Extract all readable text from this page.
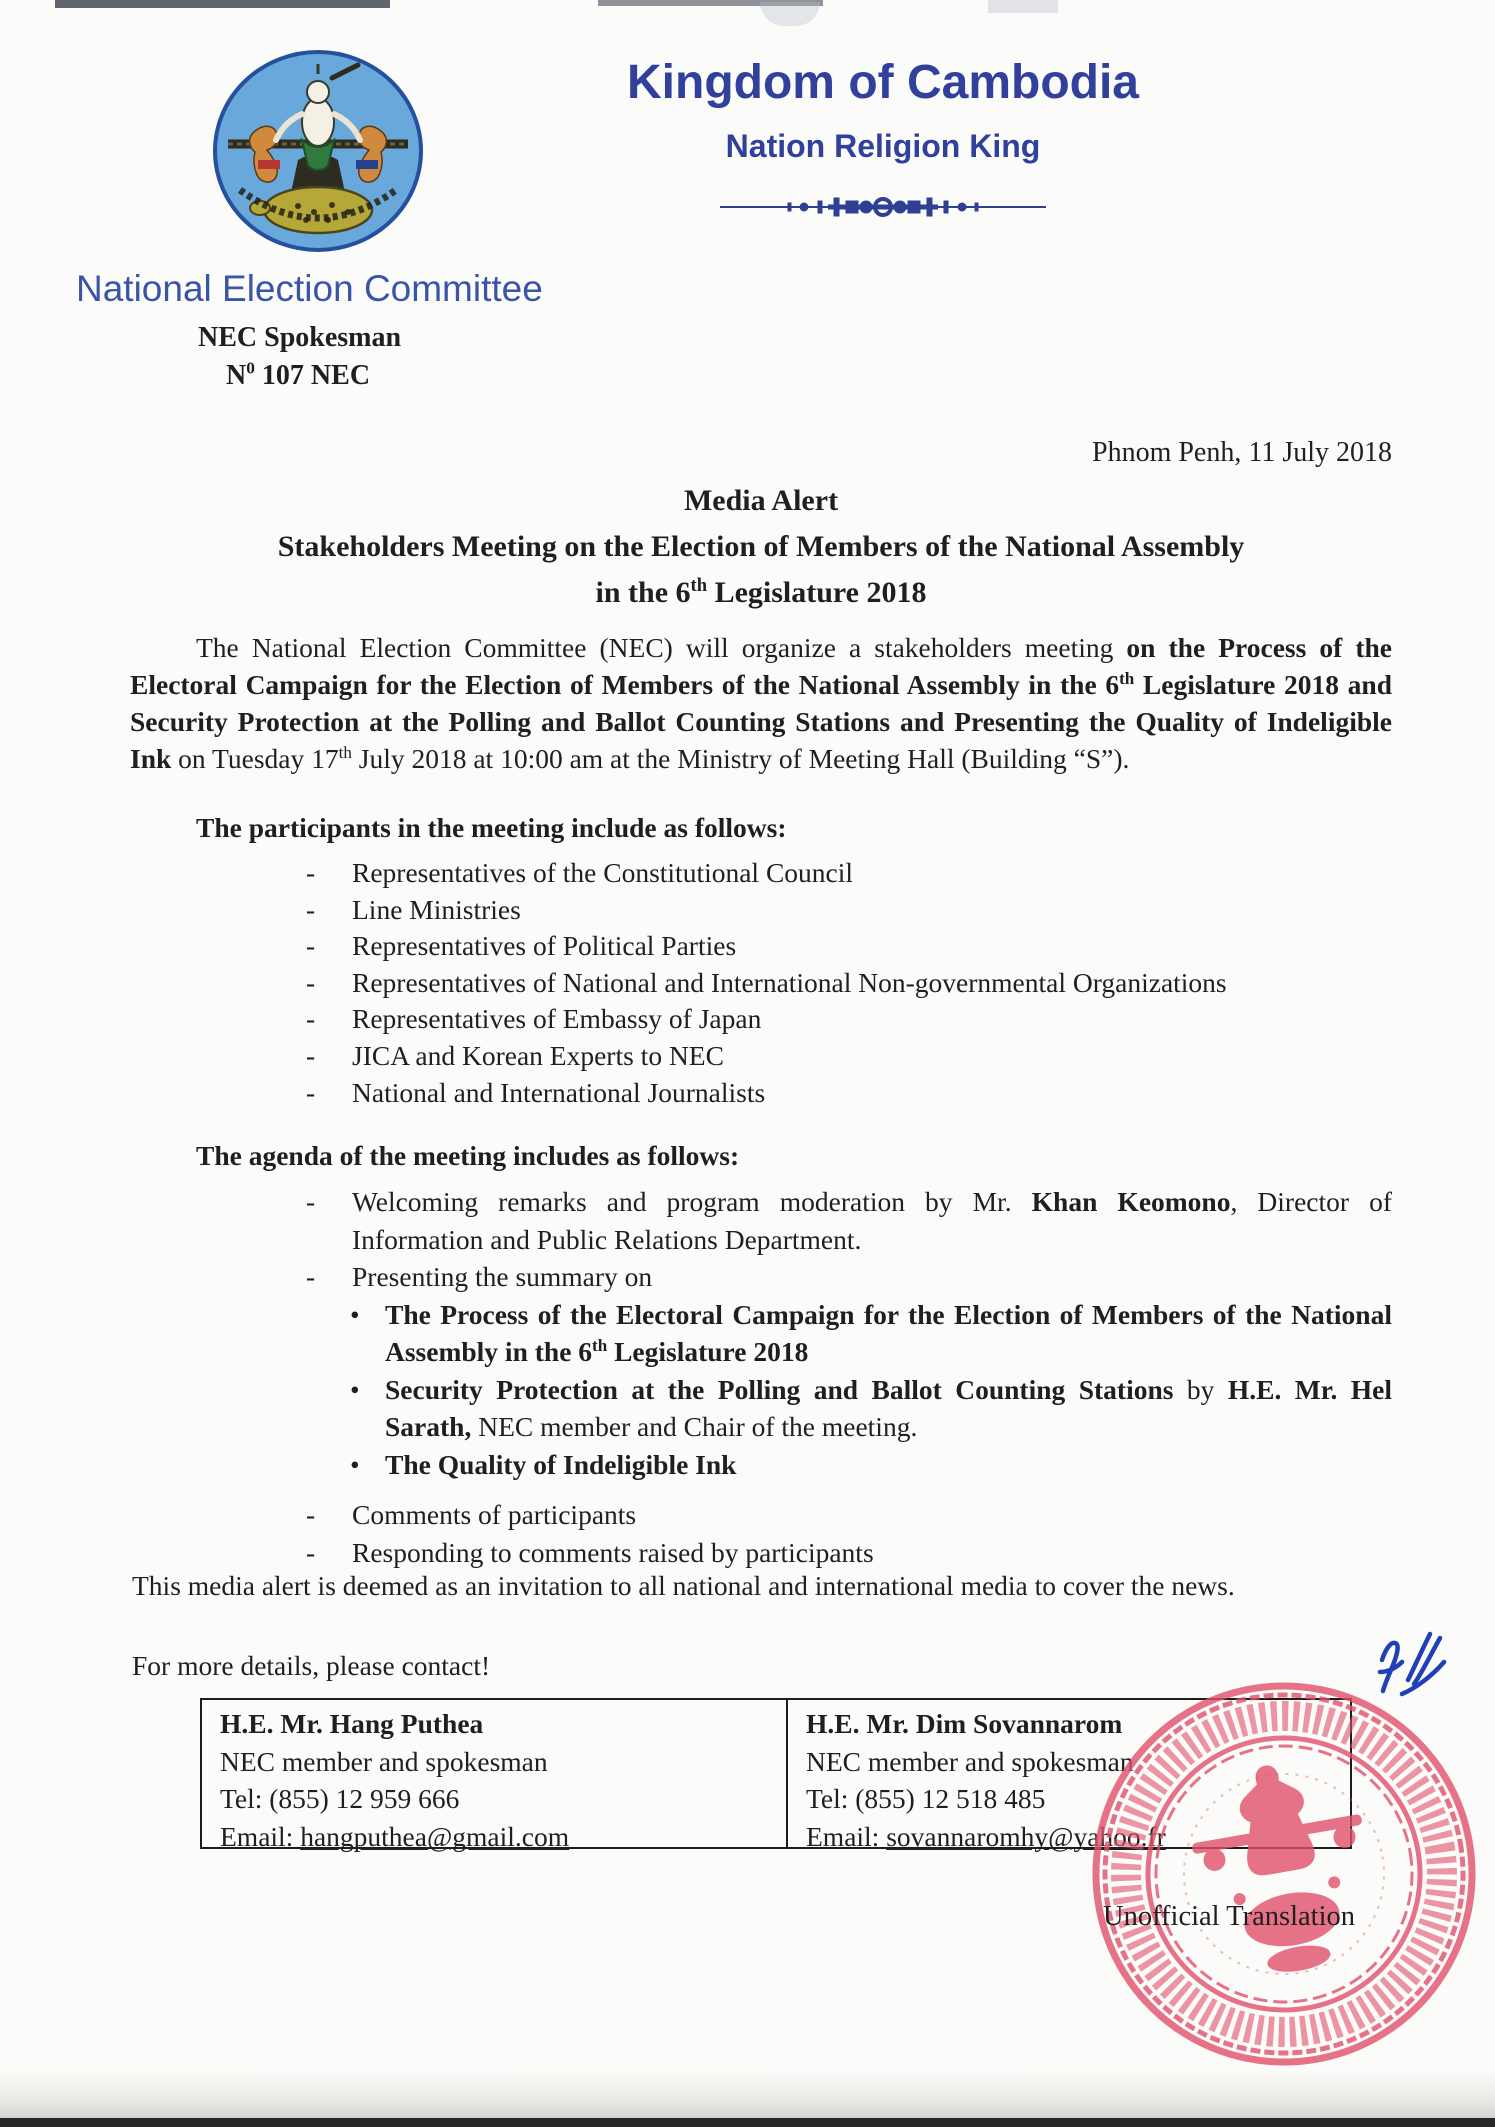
Kingdom of Cambodia
Nation Religion King
National Election Committee
NEC Spokesman
$N^0$ 107 NEC
Phnom Penh, 11 July 2018
Media Alert
Stakeholders Meeting on the Election of Members of the National Assembly
in the 6th Legislature 2018
The National Election Committee (NEC) will organize a stakeholders meeting on the Process of the Electoral Campaign for the Election of Members of the National Assembly in the 6th Legislature 2018 and Security Protection at the Polling and Ballot Counting Stations and Presenting the Quality of Indeligible Ink on Tuesday 17th July 2018 at 10:00 am at the Ministry of Meeting Hall (Building “S”).
The participants in the meeting include as follows:
-	Representatives of the Constitutional Council
-	Line Ministries
-	Representatives of Political Parties
-	Representatives of National and International Non-governmental Organizations
-	Representatives of Embassy of Japan
-	JICA and Korean Experts to NEC
-	National and International Journalists
The agenda of the meeting includes as follows:
-	Welcoming remarks and program moderation by Mr. Khan Keomono, Director of Information and Public Relations Department.
-	Presenting the summary on
• The Process of the Electoral Campaign for the Election of Members of the National Assembly in the 6th Legislature 2018
• Security Protection at the Polling and Ballot Counting Stations by H.E. Mr. Hel Sarath, NEC member and Chair of the meeting.
• The Quality of Indeligible Ink
-	Comments of participants
-	Responding to comments raised by participants
This media alert is deemed as an invitation to all national and international media to cover the news.
For more details, please contact!
H.E. Mr. Hang Puthea
NEC member and spokesman
Tel: (855) 12 959 666
Email: hangputhea@gmail.com
H.E. Mr. Dim Sovannarom
NEC member and spokesman
Tel: (855) 12 518 485
Email: sovannaromhy@yahoo.fr
Unofficial Translation
